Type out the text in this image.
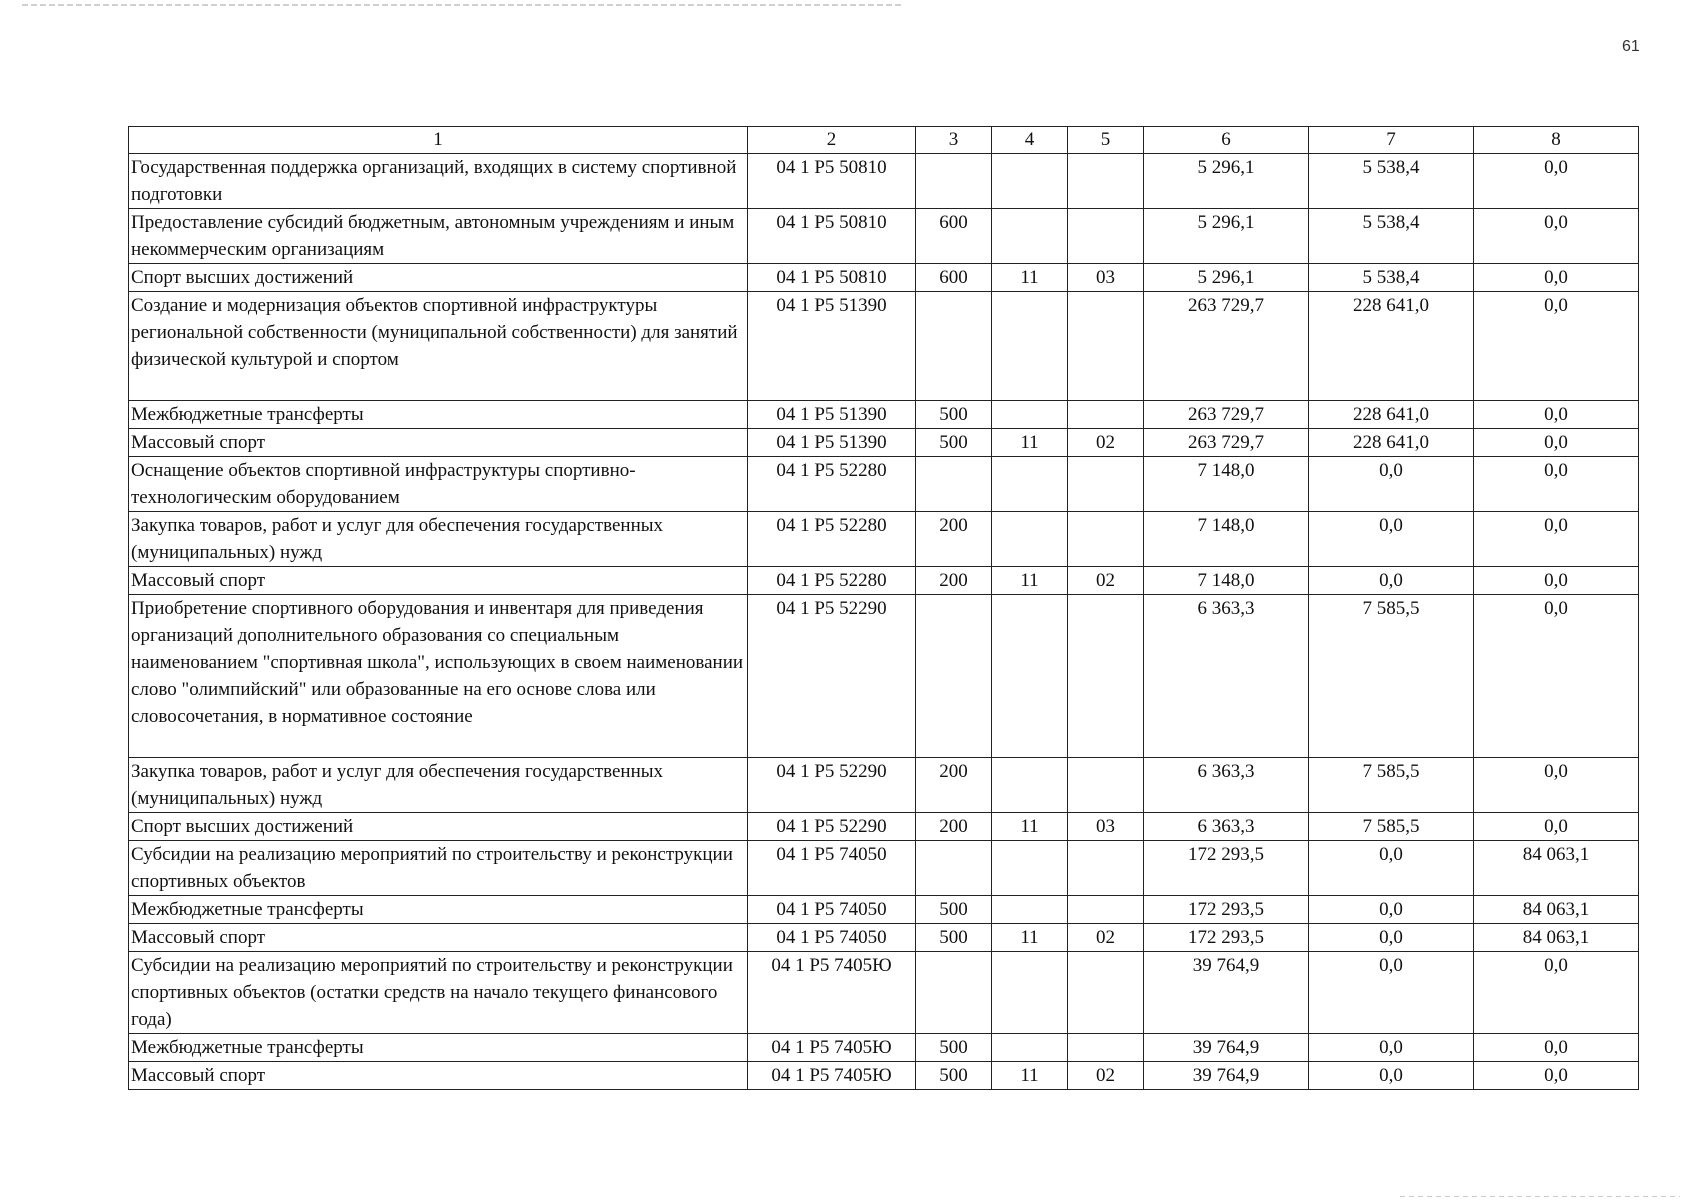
61
1	2	3	4	5	6	7	8
Государственная поддержка организаций, входящих в систему спортивной подготовки	04 1 P5 50810				5 296,1	5 538,4	0,0
Предоставление субсидий бюджетным, автономным учреждениям и иным некоммерческим организациям	04 1 P5 50810	600			5 296,1	5 538,4	0,0
Спорт высших достижений	04 1 P5 50810	600	11	03	5 296,1	5 538,4	0,0
Создание и модернизация объектов спортивной инфраструктуры региональной собственности (муниципальной собственности) для занятий физической культурой и спортом	04 1 P5 51390				263 729,7	228 641,0	0,0
Межбюджетные трансферты	04 1 P5 51390	500			263 729,7	228 641,0	0,0
Массовый спорт	04 1 P5 51390	500	11	02	263 729,7	228 641,0	0,0
Оснащение объектов спортивной инфраструктуры спортивно-технологическим оборудованием	04 1 P5 52280				7 148,0	0,0	0,0
Закупка товаров, работ и услуг для обеспечения государственных (муниципальных) нужд	04 1 P5 52280	200			7 148,0	0,0	0,0
Массовый спорт	04 1 P5 52280	200	11	02	7 148,0	0,0	0,0
Приобретение спортивного оборудования и инвентаря для приведения организаций дополнительного образования со специальным наименованием "спортивная школа", использующих в своем наименовании слово "олимпийский" или образованные на его основе слова или словосочетания, в нормативное состояние	04 1 P5 52290				6 363,3	7 585,5	0,0
Закупка товаров, работ и услуг для обеспечения государственных (муниципальных) нужд	04 1 P5 52290	200			6 363,3	7 585,5	0,0
Спорт высших достижений	04 1 P5 52290	200	11	03	6 363,3	7 585,5	0,0
Субсидии на реализацию мероприятий по строительству и реконструкции спортивных объектов	04 1 P5 74050				172 293,5	0,0	84 063,1
Межбюджетные трансферты	04 1 P5 74050	500			172 293,5	0,0	84 063,1
Массовый спорт	04 1 P5 74050	500	11	02	172 293,5	0,0	84 063,1
Субсидии на реализацию мероприятий по строительству и реконструкции спортивных объектов (остатки средств на начало текущего финансового года)	04 1 P5 7405Ю				39 764,9	0,0	0,0
Межбюджетные трансферты	04 1 P5 7405Ю	500			39 764,9	0,0	0,0
Массовый спорт	04 1 P5 7405Ю	500	11	02	39 764,9	0,0	0,0
